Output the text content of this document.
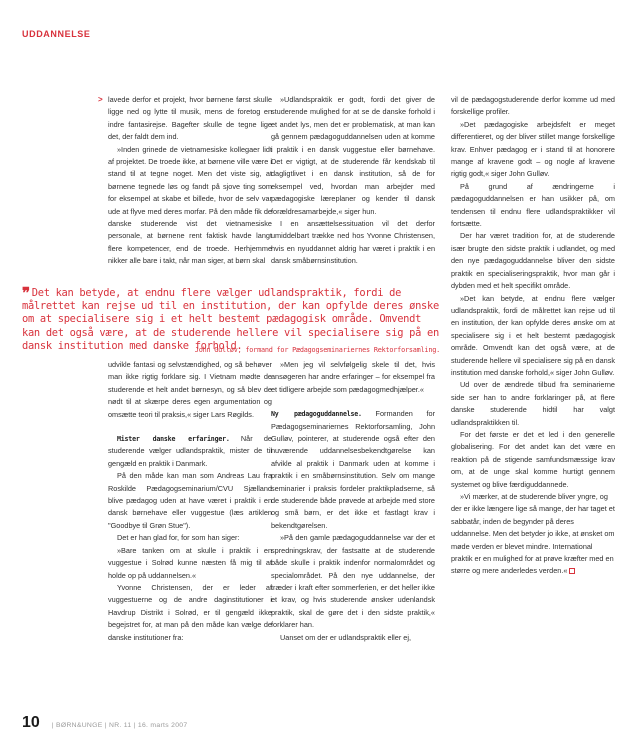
UDDANNELSE
> lavede derfor et projekt, hvor børnene først skulle ligge ned og lytte til musik, mens de foretog en indre fantasirejse. Bagefter skulle de tegne lige det, der faldt dem ind.

»Inden grinede de vietnamesiske kollegaer lidt af projektet. De troede ikke, at børnene ville være i stand til at tegne noget. Men det viste sig, at børnene tegnede løs og fandt på sjove ting som for eksempel at skabe et billede, hvor de selv var ude at flyve med deres morfar. På den måde fik de danske studerende vist det vietnamesiske personale, at børnene rent faktisk havde langt flere kompetencer, end de troede. Herhjemme nikker alle bare i takt, når man siger, at børn skal

»Udlandspraktik er godt, fordi det giver de studerende mulighed for at se de danske forhold i et andet lys, men det er problematisk, at man kan gå gennem pædagoguddannelsen uden at komme i praktik i en dansk vuggestue eller børnehave. Det er vigtigt, at de studerende får kendskab til dagligtlivet i en dansk institution, så de for eksempel ved, hvordan man arbejder med pædagogiske læreplaner og kender til dansk forældresamarbejde,« siger hun.

I en ansættelsessituation vil det derfor umiddelbart trække ned hos Yvonne Christensen, hvis en nyuddannet aldrig har været i praktik i en dansk småbørnsinstitution.

vil de pædagogstuderende derfor komme ud med forskellige profiler.

»Det pædagogiske arbejdsfelt er meget differentieret, og der bliver stillet mange forskellige krav. Enhver pædagog er i stand til at honorere mange af kravene godt – og nogle af kravene rigtig godt,« siger John Gulløv.

På grund af ændringerne i pædagoguddannelsen er han usikker på, om tendensen til endnu flere udlandspraktikker vil fortsætte.

Der har været tradition for, at de studerende især brugte den sidste praktik i udlandet, og med den nye pædagoguddannelse bliver den sidste praktik en specialiseringspraktik, hvor man går i dybden med et helt specifikt område.

»Det kan betyde, at endnu flere vælger udlandspraktik, fordi de målrettet kan rejse ud til en institution, der kan opfylde deres ønske om at specialisere sig i et helt bestemt pædagogisk område. Omvendt kan det også være, at de studerende hellere vil specialisere sig på en dansk institution med danske forhold,« siger John Gulløv.

Ud over de ændrede tilbud fra seminarierne side ser han to andre forklaringer på, at flere danske studerende hidtil har valgt udlandspraktikken til.

For det første er det et led i den generelle globalisering. For det andet kan det være en reaktion på de stigende samfundsmæssige krav om, at de unge skal komme hurtigt gennem systemet og blive færdiguddannede.

»Vi mærker, at de studerende bliver yngre, og der er ikke længere lige så mange, der har taget et sabbatår, inden de begynder på deres uddannelse. Men det betyder jo ikke, at ønsket om møde verden er blevet mindre. International praktik er en mulighed for at prøve kræfter med en større og mere anderledes verden.«

❞ Det kan betyde, at endnu flere vælger udlandspraktik, fordi de målrettet kan rejse ud til en institution, der kan opfylde deres ønske om at specialisere sig i et helt bestemt pædagogisk område. Omvendt kan det også være, at de studerende hellere vil specialisere sig på en dansk institution med danske forhold.
John Gulløv, formand for Pædagogseminariernes Rektorforsamling.

udvikle fantasi og selvstændighed, og så behøver man ikke rigtig forklare sig. I Vietnam mødte de studerende et helt andet børnesyn, og så blev de nødt til at skærpe deres egen argumentation og omsætte teori til praksis,« siger Lars Røgilds.

Mister danske erfaringer. Når de studerende vælger udlandspraktik, mister de til gengæld en praktik i Danmark.

På den måde kan man som Andreas Lau fra Roskilde Pædagogseminarium/CVU Sjælland blive pædagog uden at have været i praktik i en dansk børnehave eller vuggestue (læs artiklen "Goodbye til Grøn Stue").

Det er han glad for, for som han siger:

»Bare tanken om at skulle i praktik i en vuggestue i Solrød kunne næsten få mig til at holde op på uddannelsen.«

Yvonne Christensen, der er leder af vuggestuerne og de andre daginstitutioner i Havdrup Distrikt i Solrød, er til gengæld ikke begejstret for, at man på den måde kan vælge de danske institutioner fra:

»Men jeg vil selvfølgelig skele til det, hvis ansøgeren har andre erfaringer – for eksempel fra et tidligere arbejde som pædagogmedhjælper.«

Ny pædagoguddannelse. Formanden for Pædagogseminariernes Rektorforsamling, John Gulløv, pointerer, at studerende også efter den nuværende uddannelsesbekendtgørelse kan afvikle al praktik i Danmark uden at komme i praktik i en småbørnsinstitution. Selv om mange seminarier i praksis fordeler praktikpladserne, så de studerende både prøvede at arbejde med store og små børn, er det ikke et fastlagt krav i bekendtgørelsen.

»På den gamle pædagoguddannelse var der et spredningskrav, der fastsatte at de studerende både skulle i praktik indenfor normalområdet og specialområdet. På den nye uddannelse, der træder i kraft efter sommerferien, er det heller ikke et krav, og hvis studerende ønsker udenlandsk praktik, skal de gøre det i den sidste praktik,« forklarer han.

Uanset om der er udlandspraktik eller ej,

10 | BØRN&UNGE | NR. 11 | 16. marts 2007
